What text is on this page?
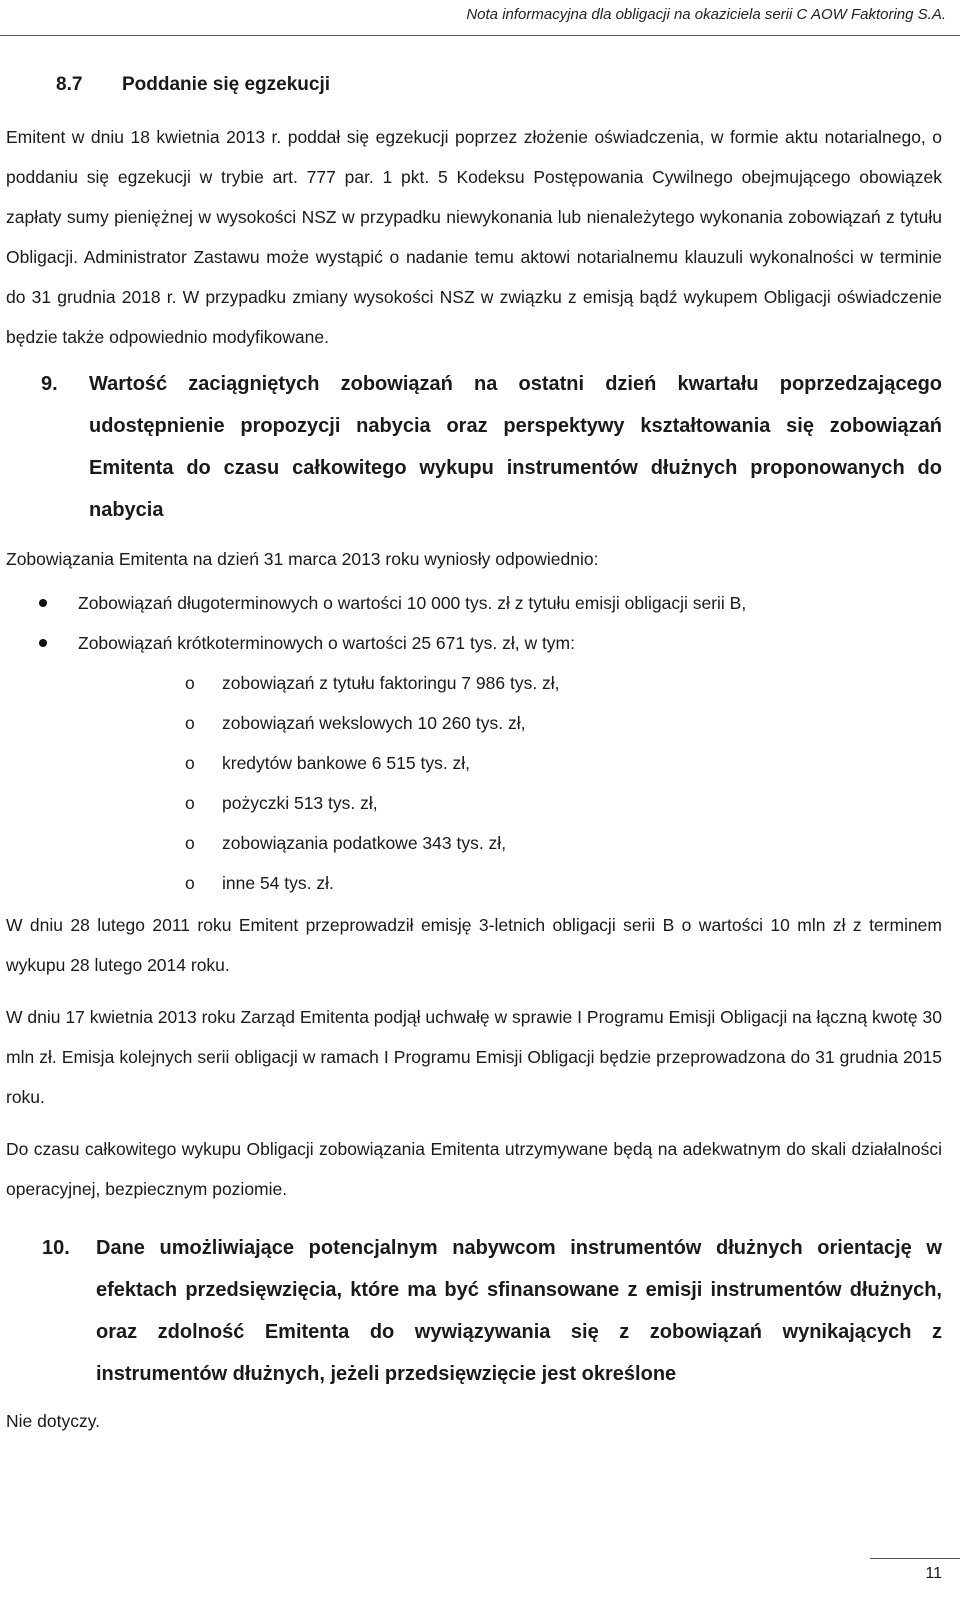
Nota informacyjna dla obligacji na okaziciela serii C AOW Faktoring S.A.
8.7 Poddanie się egzekucji

Emitent w dniu 18 kwietnia 2013 r. poddał się egzekucji poprzez złożenie oświadczenia, w formie aktu notarialnego, o poddaniu się egzekucji w trybie art. 777 par. 1 pkt. 5 Kodeksu Postępowania Cywilnego obejmującego obowiązek zapłaty sumy pieniężnej w wysokości NSZ w przypadku niewykonania lub nienależytego wykonania zobowiązań z tytułu Obligacji. Administrator Zastawu może wystąpić o nadanie temu aktowi notarialnemu klauzuli wykonalności w terminie do 31 grudnia 2018 r. W przypadku zmiany wysokości NSZ w związku z emisją bądź wykupem Obligacji oświadczenie będzie także odpowiednio modyfikowane.

9.	Wartość zaciągniętych zobowiązań na ostatni dzień kwartału poprzedzającego udostępnienie propozycji nabycia oraz perspektywy kształtowania się zobowiązań Emitenta do czasu całkowitego wykupu instrumentów dłużnych proponowanych do nabycia

Zobowiązania Emitenta na dzień 31 marca 2013 roku wyniosły odpowiednio:

Zobowiązań długoterminowych o wartości 10 000 tys. zł z tytułu emisji obligacji serii B,
Zobowiązań krótkoterminowych o wartości 25 671 tys. zł, w tym:
o zobowiązań z tytułu faktoringu 7 986 tys. zł,
o zobowiązań wekslowych 10 260 tys. zł,
o kredytów bankowe 6 515 tys. zł,
o pożyczki 513 tys. zł,
o zobowiązania podatkowe 343 tys. zł,
o inne 54 tys. zł.

W dniu 28 lutego 2011 roku Emitent przeprowadził emisję 3-letnich obligacji serii B o wartości 10 mln zł z terminem wykupu 28 lutego 2014 roku.

W dniu 17 kwietnia 2013 roku Zarząd Emitenta podjął uchwałę w sprawie I Programu Emisji Obligacji na łączną kwotę 30 mln zł. Emisja kolejnych serii obligacji w ramach I Programu Emisji Obligacji będzie przeprowadzona do 31 grudnia 2015 roku.

Do czasu całkowitego wykupu Obligacji zobowiązania Emitenta utrzymywane będą na adekwatnym do skali działalności operacyjnej, bezpiecznym poziomie.

10.	Dane umożliwiające potencjalnym nabywcom instrumentów dłużnych orientację w efektach przedsięwzięcia, które ma być sfinansowane z emisji instrumentów dłużnych, oraz zdolność Emitenta do wywiązywania się z zobowiązań wynikających z instrumentów dłużnych, jeżeli przedsięwzięcie jest określone

Nie dotyczy.

11
